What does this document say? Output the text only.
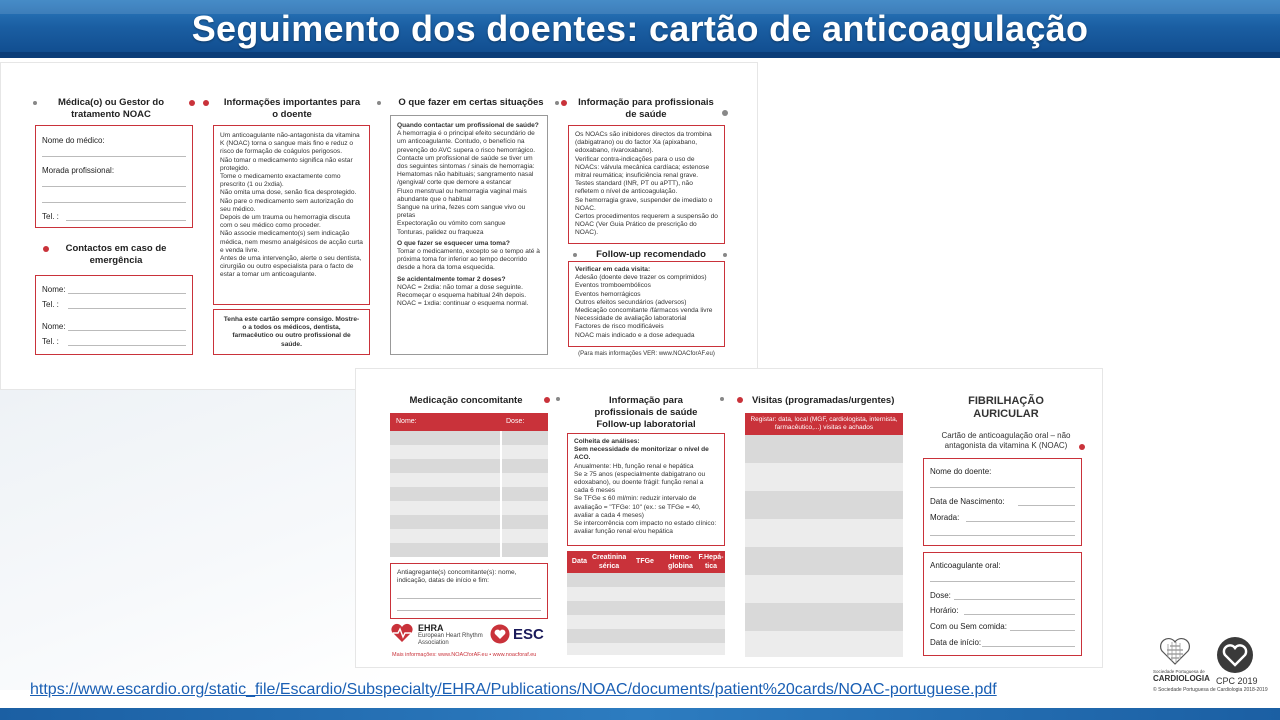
Seguimento dos doentes: cartão de anticoagulação
Médica(o) ou Gestor do tratamento NOAC
Nome do médico:
Morada profissional:
Tel. :
Contactos em caso de emergência
Nome:
Tel. :
Nome:
Tel. :
Informações importantes para o doente
Um anticoagulante não-antagonista da vitamina K (NOAC) torna o sangue mais fino e reduz o risco de formação de coágulos perigosos.
Não tomar o medicamento significa não estar protegido.
Tome o medicamento exactamente como prescrito (1 ou 2xdia).
Não omita uma dose, senão fica desprotegido.
Não pare o medicamento sem autorização do seu médico.
Depois de um trauma ou hemorragia discuta com o seu médico como proceder.
Não associe medicamento(s) sem indicação médica, nem mesmo analgésicos de acção curta e venda livre.
Antes de uma intervenção, alerte o seu dentista, cirurgião ou outro especialista para o facto de estar a tomar um anticoagulante.
Tenha este cartão sempre consigo. Mostre-o a todos os médicos, dentista, farmacêutico ou outro profissional de saúde.
O que fazer em certas situações
Quando contactar um profissional de saúde?
A hemorragia é o principal efeito secundário de um anticoagulante. Contudo, o benefício na prevenção do AVC supera o risco hemorrágico. Contacte um profissional de saúde se tiver um dos seguintes sintomas / sinais de hemorragia:
Hematomas não habituais; sangramento nasal /gengival/ corte que demore a estancar
Fluxo menstrual ou hemorragia vaginal mais abundante que o habitual
Sangue na urina, fezes com sangue vivo ou pretas
Expectoração ou vómito com sangue
Tonturas, palidez ou fraqueza
O que fazer se esquecer uma toma?
Tomar o medicamento, excepto se o tempo até à próxima toma for inferior ao tempo decorrido desde a hora da toma esquecida.
Se acidentalmente tomar 2 doses?
NOAC = 2xdia: não tomar a dose seguinte. Recomeçar o esquema habitual 24h depois.
NOAC = 1xdia: continuar o esquema normal.
Informação para profissionais de saúde
Os NOACs são inibidores directos da trombina (dabigatrano) ou do factor Xa (apixabano, edoxabano, rivaroxabano).
Verificar contra-indicações para o uso de NOACs: válvula mecânica cardíaca; estenose mitral reumática; insuficiência renal grave.
Testes standard (INR, PT ou aPTT), não refletem o nível de anticoagulação.
Se hemorragia grave, suspender de imediato o NOAC.
Certos procedimentos requerem a suspensão do NOAC (Ver Guia Prático de prescrição do NOAC).
Follow-up recomendado
Verificar em cada visita:
Adesão (doente deve trazer os comprimidos)
Eventos tromboembólicos
Eventos hemorrágicos
Outros efeitos secundários (adversos)
Medicação concomitante /fármacos venda livre
Necessidade de avaliação laboratorial
Factores de risco modificáveis
NOAC mais indicado e a dose adequada
(Para mais informações VER: www.NOACforAF.eu)
Medicação concomitante
Nome:	Dose:
Antiagregante(s) concomitante(s): nome, indicação, datas de início e fim:
EHRA
European Heart Rhythm Association	ESC
Mais informações: www.NOACforAF.eu • www.noacforaf.eu
Informação para profissionais de saúde Follow-up laboratorial
Colheita de análises:
Sem necessidade de monitorizar o nível de ACO.
Anualmente: Hb, função renal e hepática
Se ≥ 75 anos (especialmente dabigatrano ou edoxabano), ou doente frágil: função renal a cada 6 meses
Se TFGe ≤ 60 ml/min: reduzir intervalo de avaliação = "TFGe: 10" (ex.: se TFGe = 40, avaliar a cada 4 meses)
Se intercorrência com impacto no estado clínico: avaliar função renal e/ou hepática
Data
Creatinina sérica
TFGe
Hemo-globina
F.Hepá-tica
Visitas (programadas/urgentes)
Registar: data, local (MGF, cardiologista, internista, farmacêutico,...) visitas e achados
FIBRILHAÇÃO AURICULAR
Cartão de anticoagulação oral – não antagonista da vitamina K (NOAC)
Nome do doente:
Data de Nascimento:
Morada:
Anticoagulante oral:
Dose:
Horário:
Com ou Sem comida:
Data de início:
Sociedade Portuguesa de
CARDIOLOGIA CPC 2019
© Sociedade Portuguesa de Cardiologia 2018-2019
https://www.escardio.org/static_file/Escardio/Subspecialty/EHRA/Publications/NOAC/documents/patient%20cards/NOAC-portuguese.pdf
